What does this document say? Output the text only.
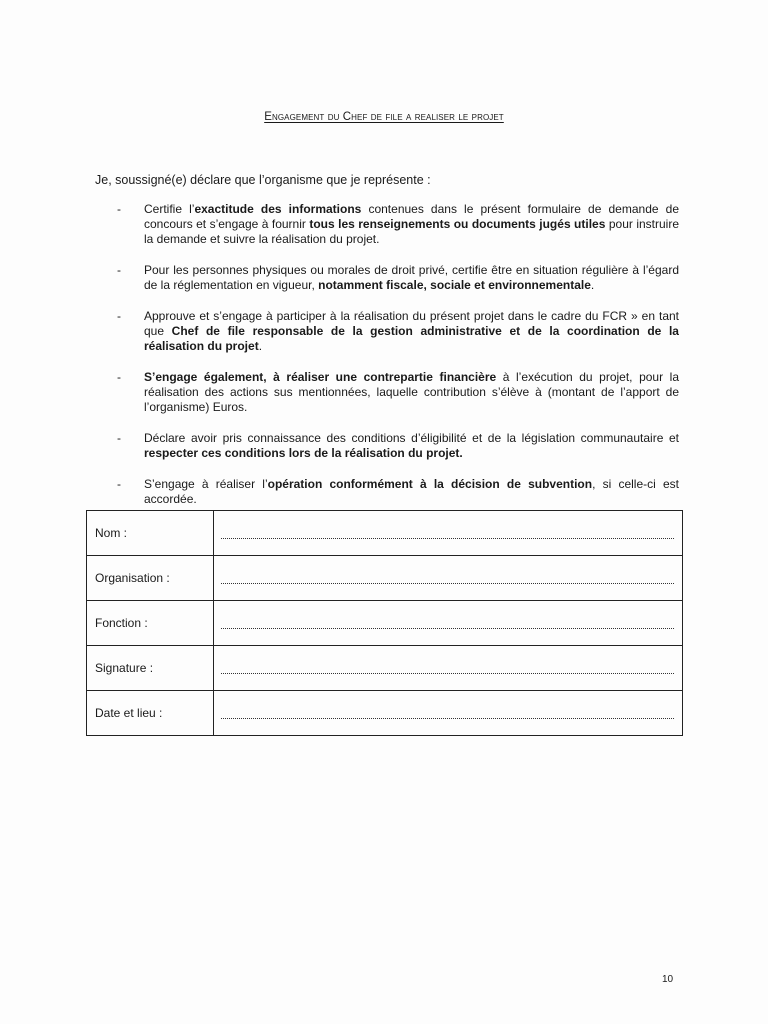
Engagement du Chef de file a realiser le projet
Je, soussigné(e) déclare que l’organisme que je représente :
- Certifie l’exactitude des informations contenues dans le présent formulaire de demande de concours et s’engage à fournir tous les renseignements ou documents jugés utiles pour instruire la demande et suivre la réalisation du projet.
- Pour les personnes physiques ou morales de droit privé, certifie être en situation régulière à l’égard de la réglementation en vigueur, notamment fiscale, sociale et environnementale.
- Approuve et s’engage à participer à la réalisation du présent projet dans le cadre du FCR » en tant que Chef de file responsable de la gestion administrative et de la coordination de la réalisation du projet.
- S’engage également, à réaliser une contrepartie financière à l’exécution du projet, pour la réalisation des actions sus mentionnées, laquelle contribution s’élève à (montant de l’apport de l’organisme) Euros.
- Déclare avoir pris connaissance des conditions d’éligibilité et de la législation communautaire et respecter ces conditions lors de la réalisation du projet.
- S’engage à réaliser l’opération conformément à la décision de subvention, si celle-ci est accordée.
Nom :	

Organisation :	

Fonction :	

Signature :	

Date et lieu :	
10
